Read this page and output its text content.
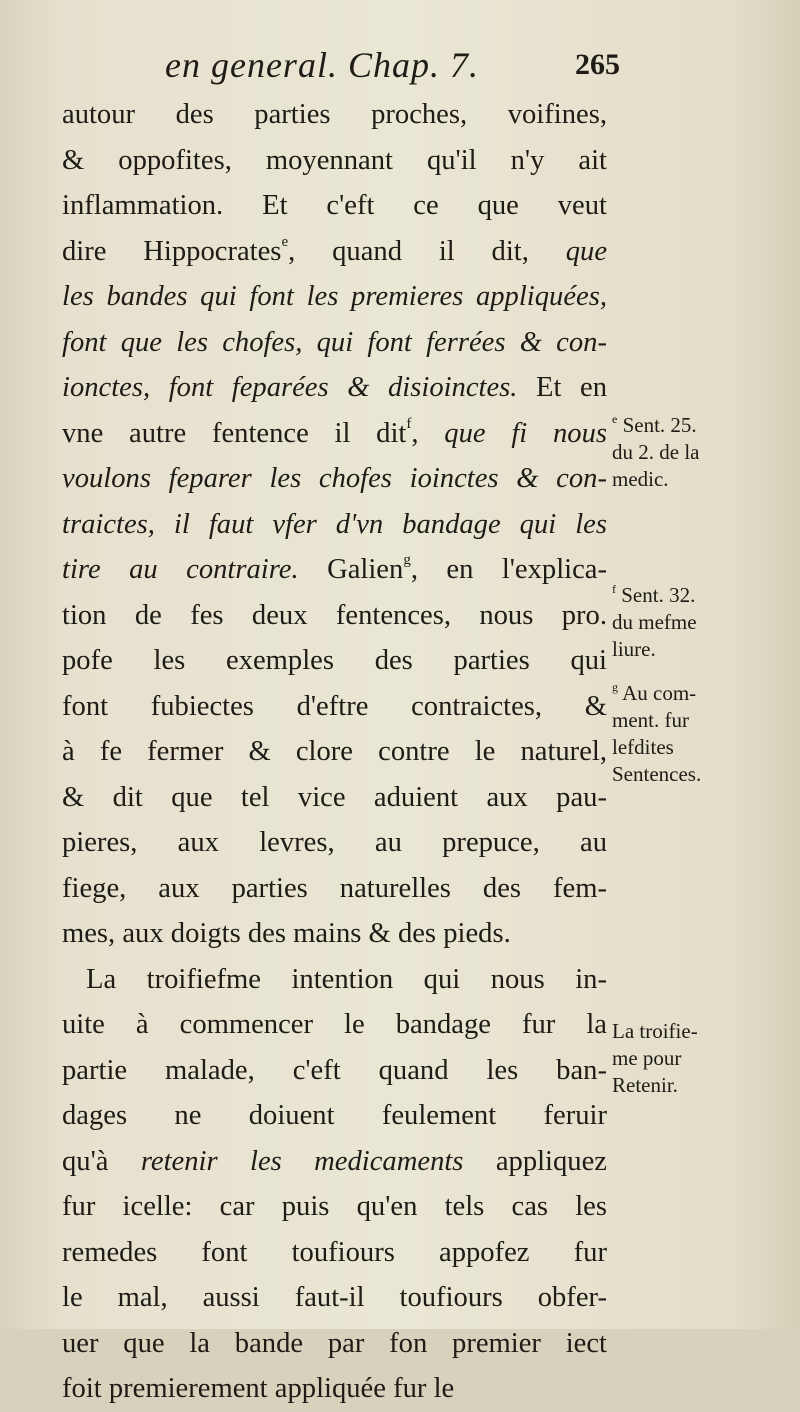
en general. Chap. 7.	265
autour des parties proches, voifines,
& oppofites, moyennant qu'il n'y ait
inflammation. Et c'eft ce que veut
dire Hippocrates$^e$, quand il dit, que
les bandes qui font les premieres appliquées,
font que les chofes, qui font ferrées & con-
ionctes, font feparées & disioinctes. Et en
vne autre fentence il dit$^f$, que fi nous
voulons feparer les chofes ioinctes & con-
traictes, il faut vfer d'vn bandage qui les
tire au contraire. Galien$^g$, en l'explica-
tion de fes deux fentences, nous pro.
pofe les exemples des parties qui
font fubiectes d'eftre contraictes, &
à fe fermer & clore contre le naturel,
& dit que tel vice aduient aux pau-
pieres, aux levres, au prepuce, au
fiege, aux parties naturelles des fem-
mes, aux doigts des mains & des pieds.
La troifiefme intention qui nous in-
uite à commencer le bandage fur la
partie malade, c'eft quand les ban-
dages ne doiuent feulement feruir
qu'à retenir les medicaments appliquez
fur icelle: car puis qu'en tels cas les
remedes font toufiours appofez fur
le mal, aussi faut-il toufiours obfer-
uer que la bande par fon premier iect
foit premierement appliquée fur le
$^e$ Sent. 25.
du 2. de la
medic.
$^f$ Sent. 32.
du mefme
liure.
$^g$ Au com-
ment. fur
lefdites
Sentences.
La troifie-
me pour
Retenir.
